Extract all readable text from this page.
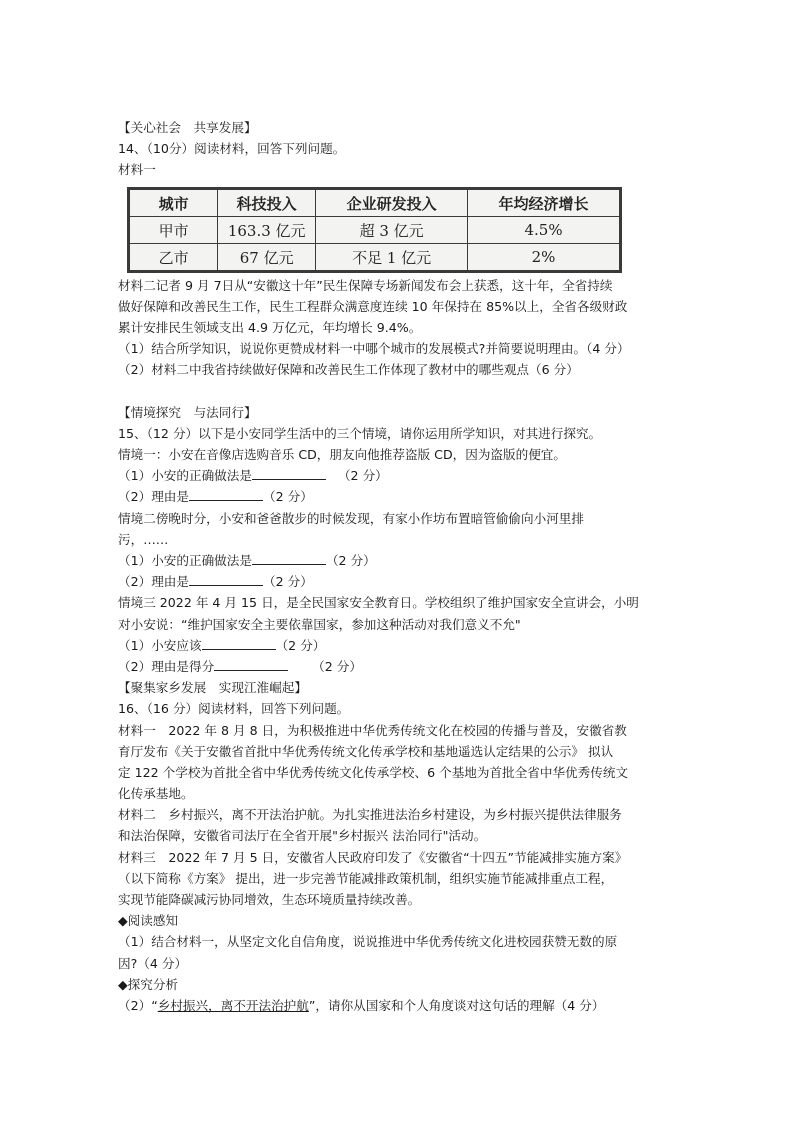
【关心社会　共享发展】
14、（10分）阅读材料，回答下列问题。
材料一
材料二记者 9 月 7日从“安徽这十年”民生保障专场新闻发布会上获悉，这十年，全省持续
做好保障和改善民生工作，民生工程群众满意度连续 10 年保持在 85%以上，全省各级财政
累计安排民生领域支出 4.9 万亿元，年均增长 9.4%。
（1）结合所学知识，说说你更赞成材料一中哪个城市的发展模式?并简要说明理由。（4 分）
（2）材料二中我省持续做好保障和改善民生工作体现了教材中的哪些观点（6 分）
【情境探究　与法同行】
15、（12 分）以下是小安同学生活中的三个情境，请你运用所学知识，对其进行探究。
情境一：小安在音像店选购音乐 CD，朋友向他推荐盗版 CD，因为盗版的便宜。
（1）小安的正确做法是	（2 分）
（2）理由是	（2 分）
情境二傍晚时分，小安和爸爸散步的时候发现，有家小作坊布置暗管偷偷向小河里排
污，……
（1）小安的正确做法是	（2 分）
（2）理由是	（2 分）
情境三 2022 年 4 月 15 日，是全民国家安全教育日。学校组织了维护国家安全宣讲会，小明
对小安说：“维护国家安全主要依靠国家，参加这种活动对我们意义不允"
（1）小安应该	（2 分）
（2）理由是得分	（2 分）
【聚集家乡发展　实现江淮崛起】
16、（16 分）阅读材料，回答下列问题。
材料一　2022 年 8 月 8 日，为积极推进中华优秀传统文化在校园的传播与普及，安徽省教
育厅发布《关于安徽省首批中华优秀传统文化传承学校和基地遥选认定结果的公示》 拟认
定 122 个学校为首批全省中华优秀传统文化传承学校、6 个基地为首批全省中华优秀传统文
化传承基地。
材料二　乡村振兴，离不开法治护航。为扎实推进法治乡村建设，为乡村振兴提供法律服务
和法治保障，安徽省司法厅在全省开展"乡村振兴 法治同行"活动。
材料三　2022 年 7 月 5 日，安徽省人民政府印发了《安徽省“十四五”节能减排实施方案》
（以下简称《方案》 提出，进一步完善节能减排政策机制，组织实施节能减排重点工程，
实现节能降碳减污协同增效，生态环境质量持续改善。
◆阅读感知
（1）结合材料一，从坚定文化自信角度，说说推进中华优秀传统文化进校园获赞无数的原
因?（4 分）
◆探究分析
（2）“乡村振兴，离不开法治护航”，请你从国家和个人角度谈对这句话的理解（4 分）
城市	科技投入	企业研发投入	年均经济增长
甲市	163.3 亿元	超 3 亿元	4.5%
乙市	67 亿元	不足 1 亿元	2%
